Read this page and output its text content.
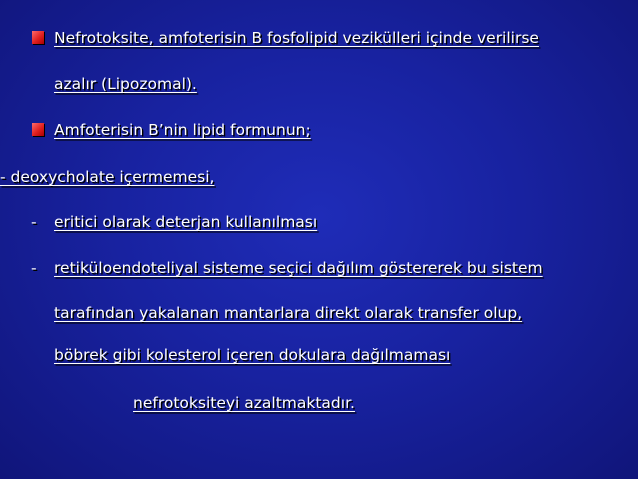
Nefrotoksite, amfoterisin B fosfolipid vezikülleri içinde verilirse
azalır (Lipozomal).
Amfoterisin B’nin lipid formunun;
- deoxycholate içermemesi,
- eritici olarak deterjan kullanılması
- retiküloendoteliyal sisteme seçici dağılım göstererek bu sistem
tarafından yakalanan mantarlara direkt olarak transfer olup,
böbrek gibi kolesterol içeren dokulara dağılmaması
nefrotoksiteyi azaltmaktadır.
